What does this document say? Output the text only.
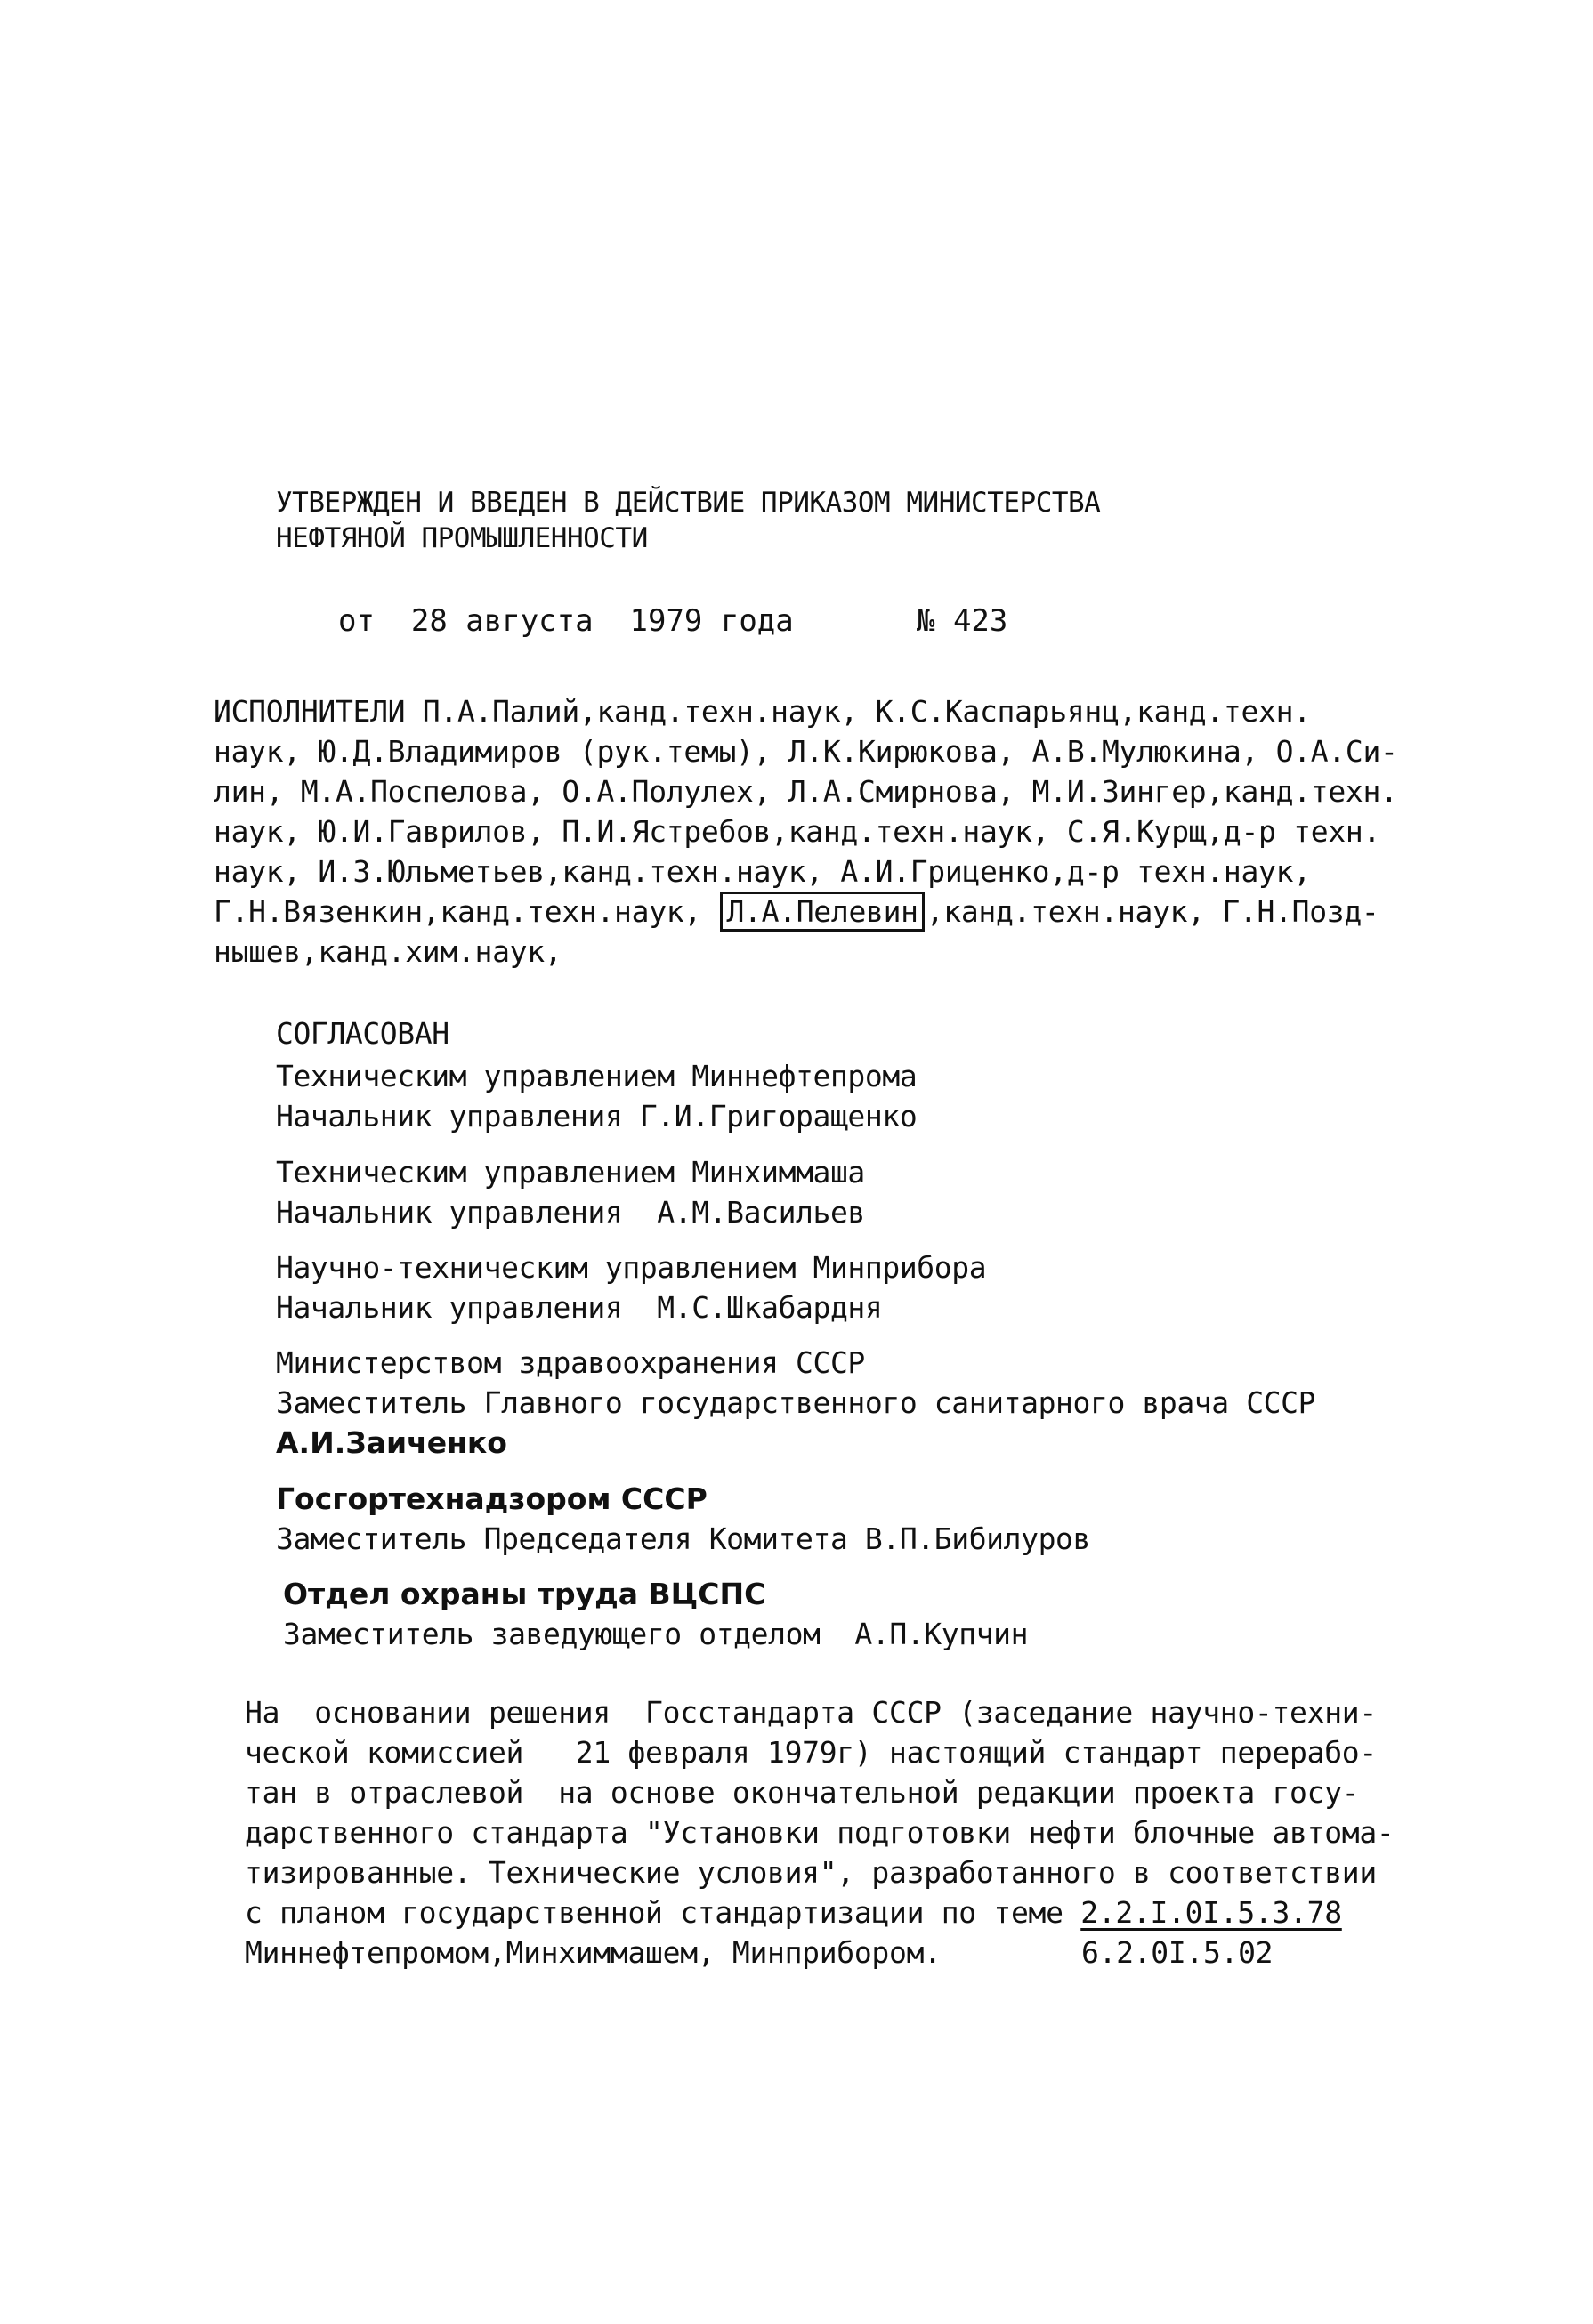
УТВЕРЖДЕН И ВВЕДЕН В ДЕЙСТВИЕ ПРИКАЗОМ МИНИСТЕРСТВА
НЕФТЯНОЙ ПРОМЫШЛЕННОСТИ

от  28 августа  1979 года

	№ 423

ИСПОЛНИТЕЛИ П.А.Палий,канд.техн.наук, К.С.Каспарьянц,канд.техн.
наук, Ю.Д.Владимиров (рук.темы), Л.К.Кирюкова, А.В.Мулюкина, О.А.Си-
лин, М.А.Поспелова, О.А.Полулех, Л.А.Смирнова, М.И.Зингер,канд.техн.
наук, Ю.И.Гаврилов, П.И.Ястребов,канд.техн.наук, С.Я.Курщ,д-р техн.
наук, И.З.Юльметьев,канд.техн.наук, А.И.Гриценко,д-р техн.наук,
Г.Н.Вязенкин,канд.техн.наук, Л.А.Пелевин ,канд.техн.наук, Г.Н.Позд-
нышев,канд.хим.наук,
СОГЛАСОВАН
Техническим управлением Миннефтепрома
Начальник управления Г.И.Григоращенко
Техническим управлением Минхиммаша
Начальник управления  А.М.Васильев
Научно-техническим управлением Минприбора
Начальник управления  М.С.Шкабардня
Министерством здравоохранения СССР
Заместитель Главного государственного санитарного врача СССР
А.И.Заиченко
Госгортехнадзором СССР
Заместитель Председателя Комитета В.П.Бибилуров
Отдел охраны труда ВЦСПС
Заместитель заведующего отделом  А.П.Купчин
На  основании решения  Госстандарта СССР (заседание научно-техни-
ческой комиссией   21 февраля 1979г) настоящий стандарт перерабо-
тан в отраслевой  на основе окончательной редакции проекта госу-
дарственного стандарта "Установки подготовки нефти блочные автома-
тизированные. Технические условия", разработанного в соответствии
с планом государственной стандартизации по теме 2.2.I.0I.5.3.78
Миннефтепромом,Минхиммашем, Минприбором.	6.2.0I.5.02
